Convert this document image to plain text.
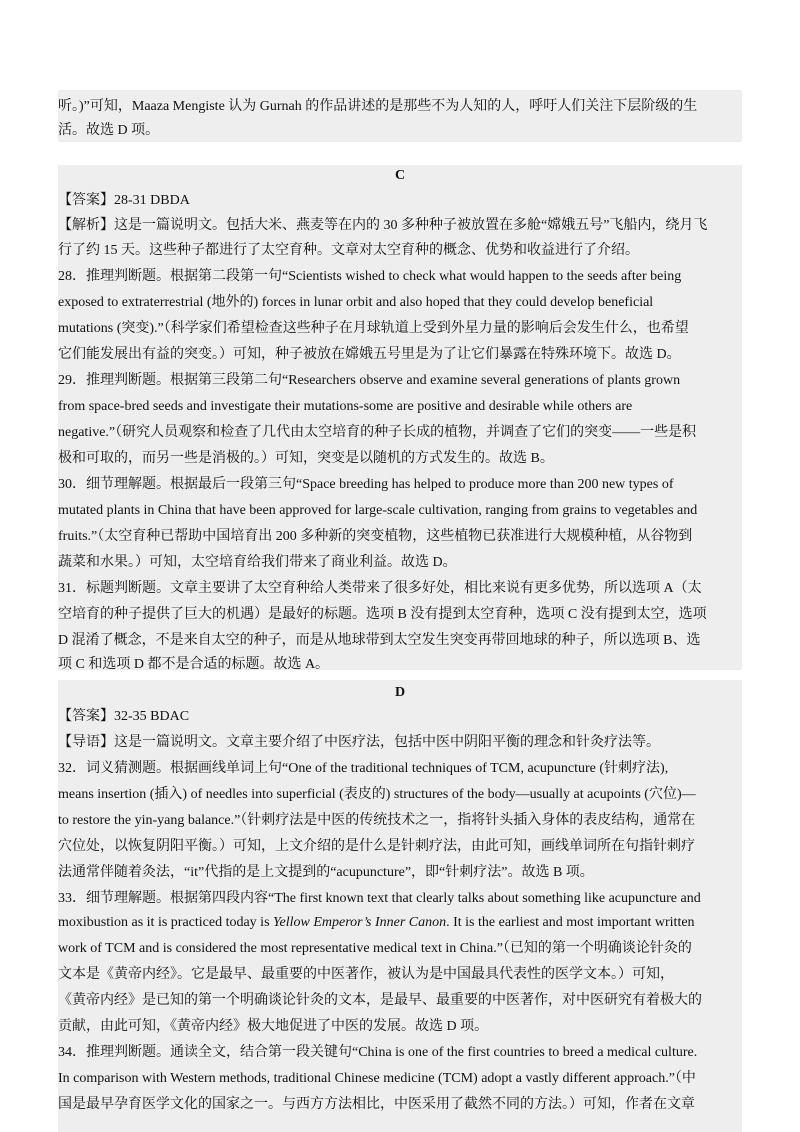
听。)”可知，Maaza Mengiste 认为 Gurnah 的作品讲述的是那些不为人知的人，呼吁人们关注下层阶级的生
活。故选 D 项。
C
【答案】28-31 DBDA
【解析】这是一篇说明文。包括大米、燕麦等在内的 30 多种种子被放置在多舱“嫦娥五号”飞船内，绕月飞
行了约 15 天。这些种子都进行了太空育种。文章对太空育种的概念、优势和收益进行了介绍。
28．推理判断题。根据第二段第一句“Scientists wished to check what would happen to the seeds after being
exposed to extraterrestrial (地外的) forces in lunar orbit and also hoped that they could develop beneficial
mutations (突变).”（科学家们希望检查这些种子在月球轨道上受到外星力量的影响后会发生什么，也希望
它们能发展出有益的突变。）可知，种子被放在嫦娥五号里是为了让它们暴露在特殊环境下。故选 D。
29．推理判断题。根据第三段第二句“Researchers observe and examine several generations of plants grown
from space-bred seeds and investigate their mutations-some are positive and desirable while others are
negative.”（研究人员观察和检查了几代由太空培育的种子长成的植物，并调查了它们的突变——一些是积
极和可取的，而另一些是消极的。）可知，突变是以随机的方式发生的。故选 B。
30．细节理解题。根据最后一段第三句“Space breeding has helped to produce more than 200 new types of
mutated plants in China that have been approved for large-scale cultivation, ranging from grains to vegetables and
fruits.”（太空育种已帮助中国培育出 200 多种新的突变植物，这些植物已获准进行大规模种植，从谷物到
蔬菜和水果。）可知，太空培育给我们带来了商业利益。故选 D。
31．标题判断题。文章主要讲了太空育种给人类带来了很多好处，相比来说有更多优势，所以选项 A（太
空培育的种子提供了巨大的机遇）是最好的标题。选项 B 没有提到太空育种，选项 C 没有提到太空，选项
D 混淆了概念，不是来自太空的种子，而是从地球带到太空发生突变再带回地球的种子，所以选项 B、选
项 C 和选项 D 都不是合适的标题。故选 A。
D
【答案】32-35 BDAC
【导语】这是一篇说明文。文章主要介绍了中医疗法，包括中医中阴阳平衡的理念和针灸疗法等。
32．词义猜测题。根据画线单词上句“One of the traditional techniques of TCM, acupuncture (针刺疗法),
means insertion (插入) of needles into superficial (表皮的) structures of the body—usually at acupoints (穴位)—
to restore the yin-yang balance.”（针刺疗法是中医的传统技术之一，指将针头插入身体的表皮结构，通常在
穴位处，以恢复阴阳平衡。）可知，上文介绍的是什么是针刺疗法，由此可知，画线单词所在句指针刺疗
法通常伴随着灸法，“it”代指的是上文提到的“acupuncture”，即“针刺疗法”。故选 B 项。
33．细节理解题。根据第四段内容“The first known text that clearly talks about something like acupuncture and
moxibustion as it is practiced today is Yellow Emperor’s Inner Canon. It is the earliest and most important written
work of TCM and is considered the most representative medical text in China.”（已知的第一个明确谈论针灸的
文本是《黄帝内经》。它是最早、最重要的中医著作，被认为是中国最具代表性的医学文本。）可知，
《黄帝内经》是已知的第一个明确谈论针灸的文本，是最早、最重要的中医著作，对中医研究有着极大的
贡献，由此可知，《黄帝内经》极大地促进了中医的发展。故选 D 项。
34．推理判断题。通读全文，结合第一段关键句“China is one of the first countries to breed a medical culture.
In comparison with Western methods, traditional Chinese medicine (TCM) adopt a vastly different approach.”（中
国是最早孕育医学文化的国家之一。与西方方法相比，中医采用了截然不同的方法。）可知，作者在文章
